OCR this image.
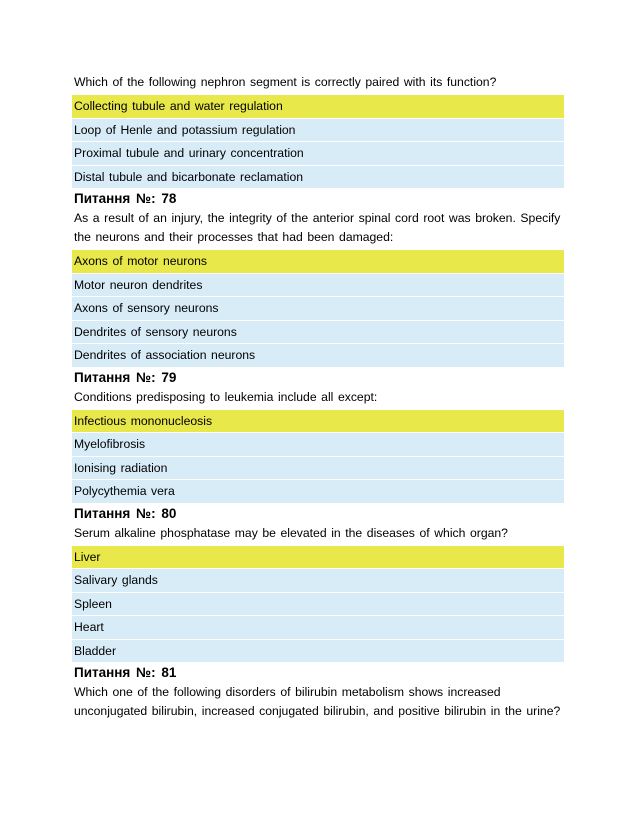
Which of the following nephron segment is correctly paired with its function?

Collecting tubule and water regulation
Loop of Henle and potassium regulation
Proximal tubule and urinary concentration
Distal tubule and bicarbonate reclamation

Питання №: 78

As a result of an injury, the integrity of the anterior spinal cord root was broken. Specify the neurons and their processes that had been damaged:

Axons of motor neurons
Motor neuron dendrites
Axons of sensory neurons
Dendrites of sensory neurons
Dendrites of association neurons

Питання №: 79

Conditions predisposing to leukemia include all except:

Infectious mononucleosis
Myelofibrosis
Ionising radiation
Polycythemia vera

Питання №: 80

Serum alkaline phosphatase may be elevated in the diseases of which organ?

Liver
Salivary glands
Spleen
Heart
Bladder

Питання №: 81

Which one of the following disorders of bilirubin metabolism shows increased unconjugated bilirubin, increased conjugated bilirubin, and positive bilirubin in the urine?
